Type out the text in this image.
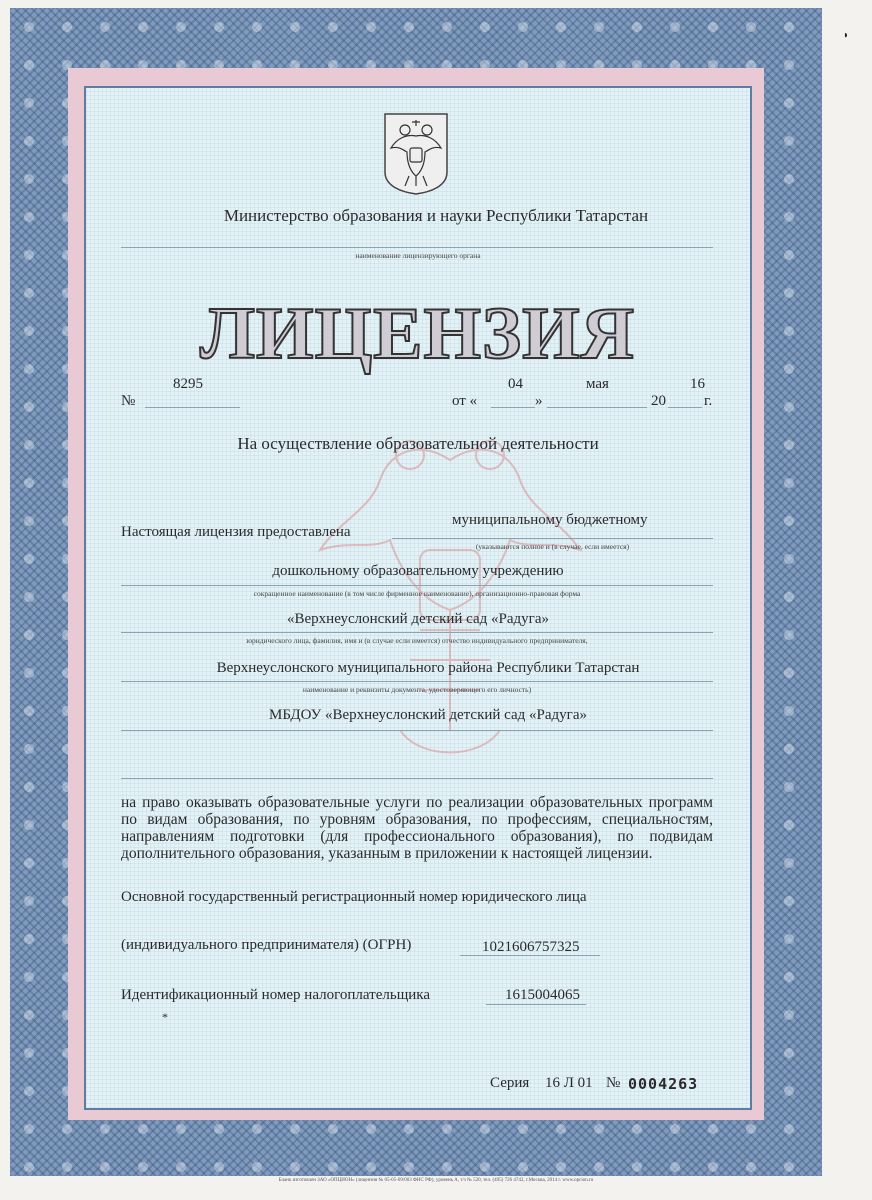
Министерство образования и науки Республики Татарстан
наименование лицензирующего органа
ЛИЦЕНЗИЯ
№
8295
от «
04
»
мая
20
16
г.
На осуществление образовательной деятельности
Настоящая лицензия предоставлена
муниципальному бюджетному
(указываются полное и (в случае, если имеется)
дошкольному образовательному учреждению
сокращенное наименование (в том числе фирменное наименование), организационно-правовая форма
«Верхнеуслонский детский сад «Радуга»
юридического лица, фамилия, имя и (в случае если имеется) отчество индивидуального предпринимателя,
Верхнеуслонского муниципального района Республики Татарстан
наименование и реквизиты документа, удостоверяющего его личность)
МБДОУ «Верхнеуслонский детский сад «Радуга»
на право оказывать образовательные услуги по реализации образовательных программ по видам образования, по уровням образования, по профессиям, специальностям, направлениям подготовки (для профессионального образования), по подвидам дополнительного образования, указанным в приложении к настоящей лицензии.
Основной государственный регистрационный номер юридического лица
(индивидуального предпринимателя) (ОГРН)	1021606757325
Идентификационный номер налогоплательщика	1615004065
*
Серия 16 Л 01 № 0004263
Бланк изготовлен ЗАО «ОПЦИОН» (лицензия № 05-05-09/003 ФНС РФ), уровень А, т/з № 520, тел. (495) 726 4742, г.Москва, 2014 г. www.opcion.ru
◗
